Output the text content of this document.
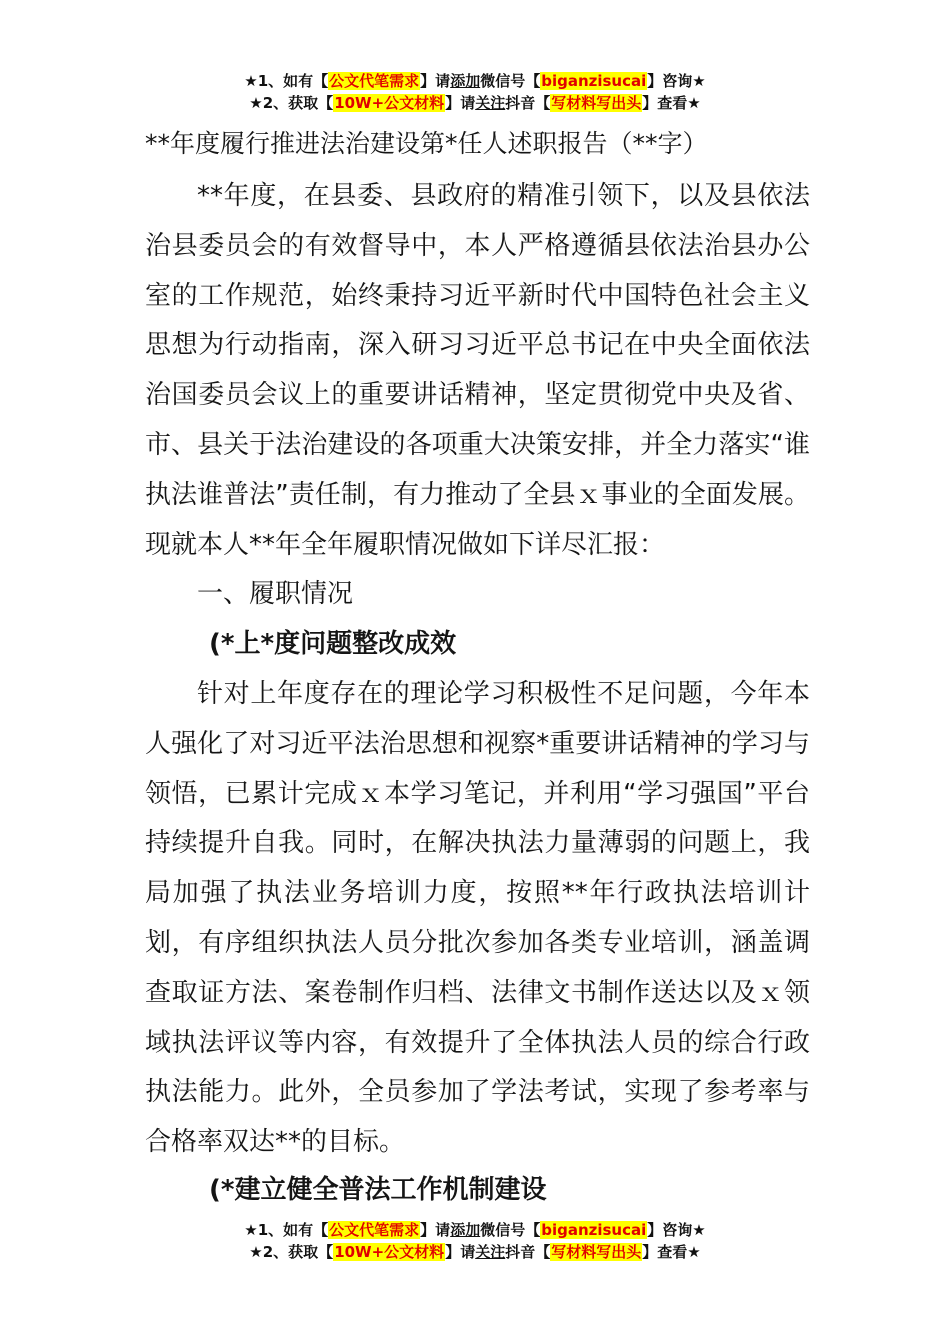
★1、如有【公文代笔需求】请添加微信号【biganzisucai】咨询★
★2、获取【10W+公文材料】请关注抖音【写材料写出头】查看★
**年度履行推进法治建设第*任人述职报告（**字）

**年度，在县委、县政府的精准引领下，以及县依法治县委员会的有效督导中，本人严格遵循县依法治县办公室的工作规范，始终秉持习近平新时代中国特色社会主义思想为行动指南，深入研习习近平总书记在中央全面依法治国委员会议上的重要讲话精神，坚定贯彻党中央及省、市、县关于法治建设的各项重大决策安排，并全力落实“谁执法谁普法”责任制，有力推动了全县ｘ事业的全面发展。现就本人**年全年履职情况做如下详尽汇报：

一、履职情况

(*上*度问题整改成效

针对上年度存在的理论学习积极性不足问题，今年本人强化了对习近平法治思想和视察*重要讲话精神的学习与领悟，已累计完成ｘ本学习笔记，并利用“学习强国”平台持续提升自我。同时，在解决执法力量薄弱的问题上，我局加强了执法业务培训力度，按照**年行政执法培训计划，有序组织执法人员分批次参加各类专业培训，涵盖调查取证方法、案卷制作归档、法律文书制作送达以及ｘ领域执法评议等内容，有效提升了全体执法人员的综合行政执法能力。此外，全员参加了学法考试，实现了参考率与合格率双达**的目标。

(*建立健全普法工作机制建设

★1、如有【公文代笔需求】请添加微信号【biganzisucai】咨询★
★2、获取【10W+公文材料】请关注抖音【写材料写出头】查看★
